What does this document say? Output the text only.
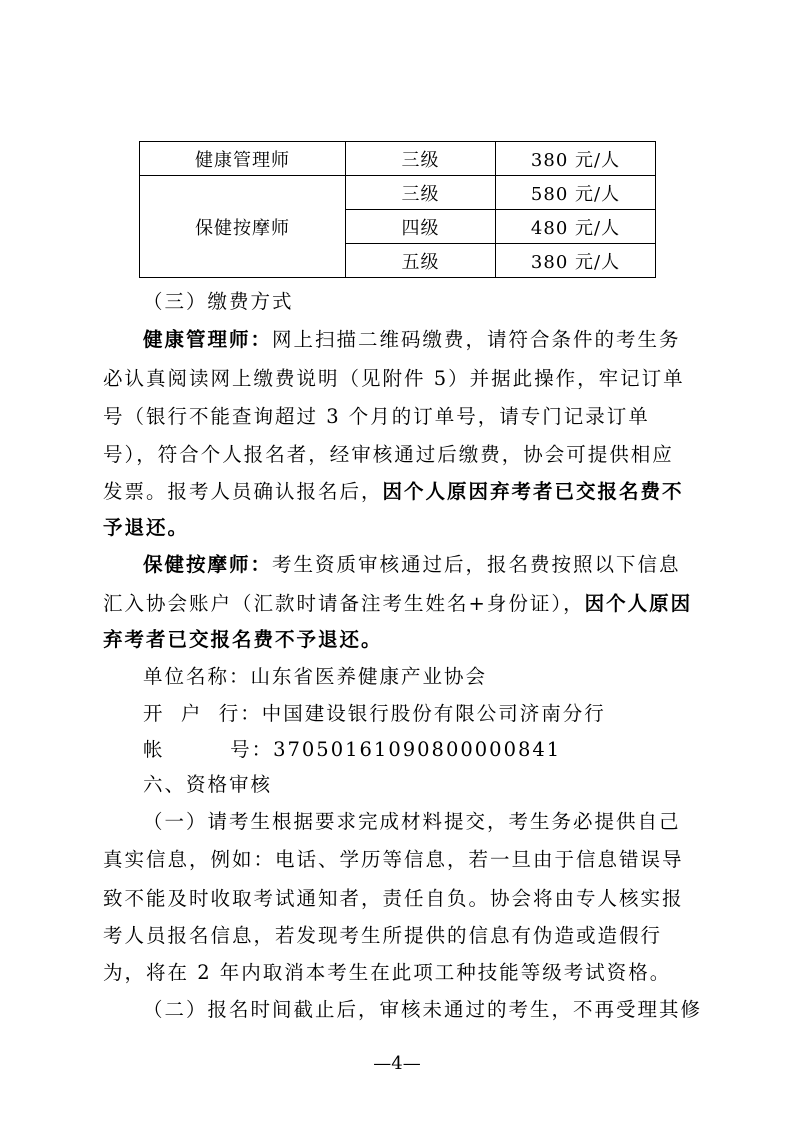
健康管理师	三级	380 元/人
保健按摩师	三级	580 元/人
	四级	480 元/人
	五级	380 元/人
（三）缴费方式
健康管理师：网上扫描二维码缴费，请符合条件的考生务
必认真阅读网上缴费说明（见附件 5）并据此操作，牢记订单
号（银行不能查询超过 3 个月的订单号，请专门记录订单
号），符合个人报名者，经审核通过后缴费，协会可提供相应
发票。报考人员确认报名后，因个人原因弃考者已交报名费不
予退还。
保健按摩师：考生资质审核通过后，报名费按照以下信息
汇入协会账户（汇款时请备注考生姓名+身份证），因个人原因
弃考者已交报名费不予退还。
单位名称：山东省医养健康产业协会
开  户  行：中国建设银行股份有限公司济南分行
帐        号：37050161090800000841
六、资格审核
（一）请考生根据要求完成材料提交，考生务必提供自己
真实信息，例如：电话、学历等信息，若一旦由于信息错误导
致不能及时收取考试通知者，责任自负。协会将由专人核实报
考人员报名信息，若发现考生所提供的信息有伪造或造假行
为，将在 2 年内取消本考生在此项工种技能等级考试资格。
（二）报名时间截止后，审核未通过的考生，不再受理其修
—4—
